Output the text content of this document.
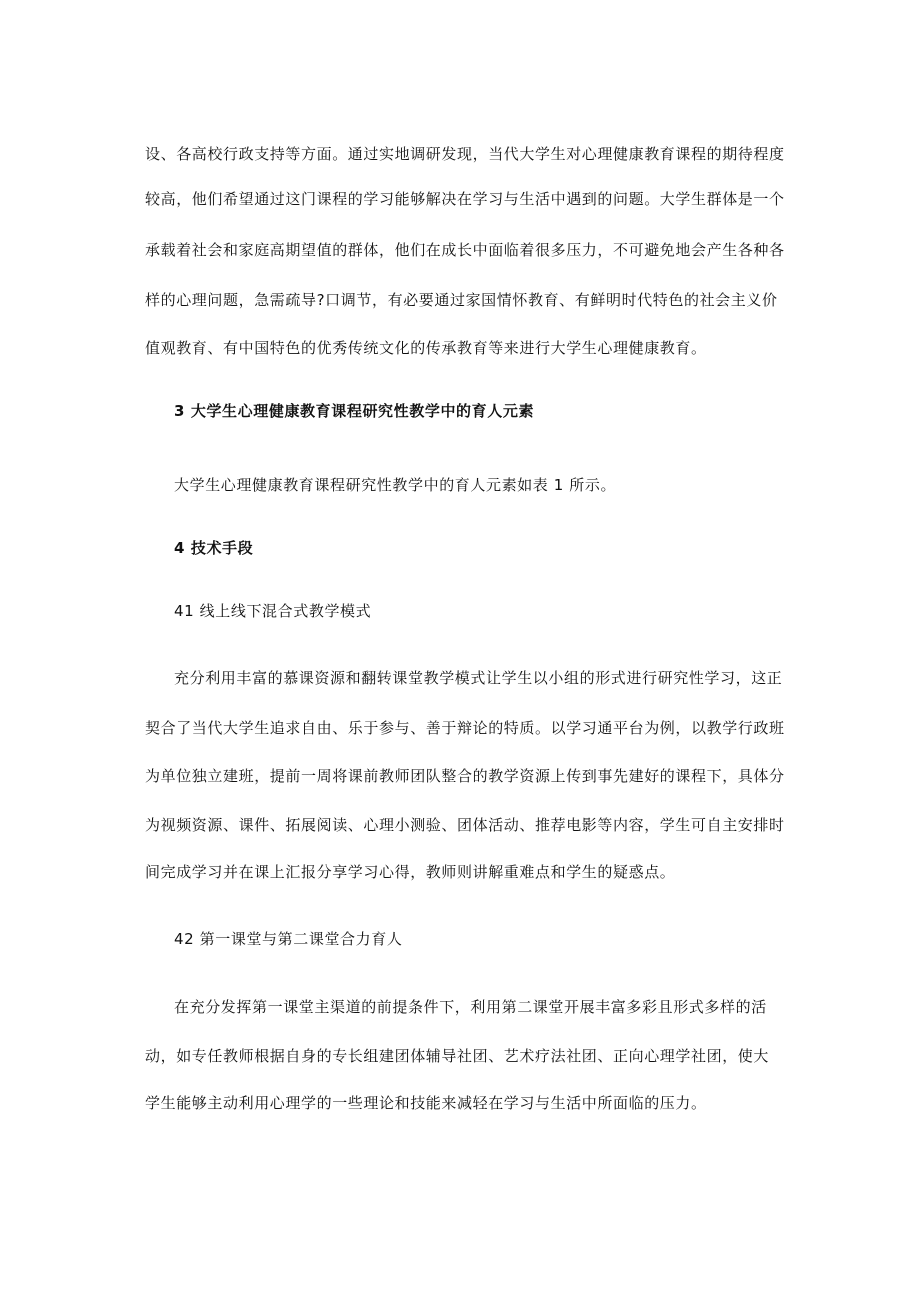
设、各高校行政支持等方面。通过实地调研发现，当代大学生对心理健康教育课程的期待程度
较高，他们希望通过这门课程的学习能够解决在学习与生活中遇到的问题。大学生群体是一个
承载着社会和家庭高期望值的群体，他们在成长中面临着很多压力，不可避免地会产生各种各
样的心理问题，急需疏导?口调节，有必要通过家国情怀教育、有鲜明时代特色的社会主义价
值观教育、有中国特色的优秀传统文化的传承教育等来进行大学生心理健康教育。
3 大学生心理健康教育课程研究性教学中的育人元素
大学生心理健康教育课程研究性教学中的育人元素如表 1 所示。
4 技术手段
41 线上线下混合式教学模式
充分利用丰富的慕课资源和翻转课堂教学模式让学生以小组的形式进行研究性学习，这正
契合了当代大学生追求自由、乐于参与、善于辩论的特质。以学习通平台为例，以教学行政班
为单位独立建班，提前一周将课前教师团队整合的教学资源上传到事先建好的课程下，具体分
为视频资源、课件、拓展阅读、心理小测验、团体活动、推荐电影等内容，学生可自主安排时
间完成学习并在课上汇报分享学习心得，教师则讲解重难点和学生的疑惑点。
42 第一课堂与第二课堂合力育人
在充分发挥第一课堂主渠道的前提条件下，利用第二课堂开展丰富多彩且形式多样的活
动，如专任教师根据自身的专长组建团体辅导社团、艺术疗法社团、正向心理学社团，使大
学生能够主动利用心理学的一些理论和技能来减轻在学习与生活中所面临的压力。
